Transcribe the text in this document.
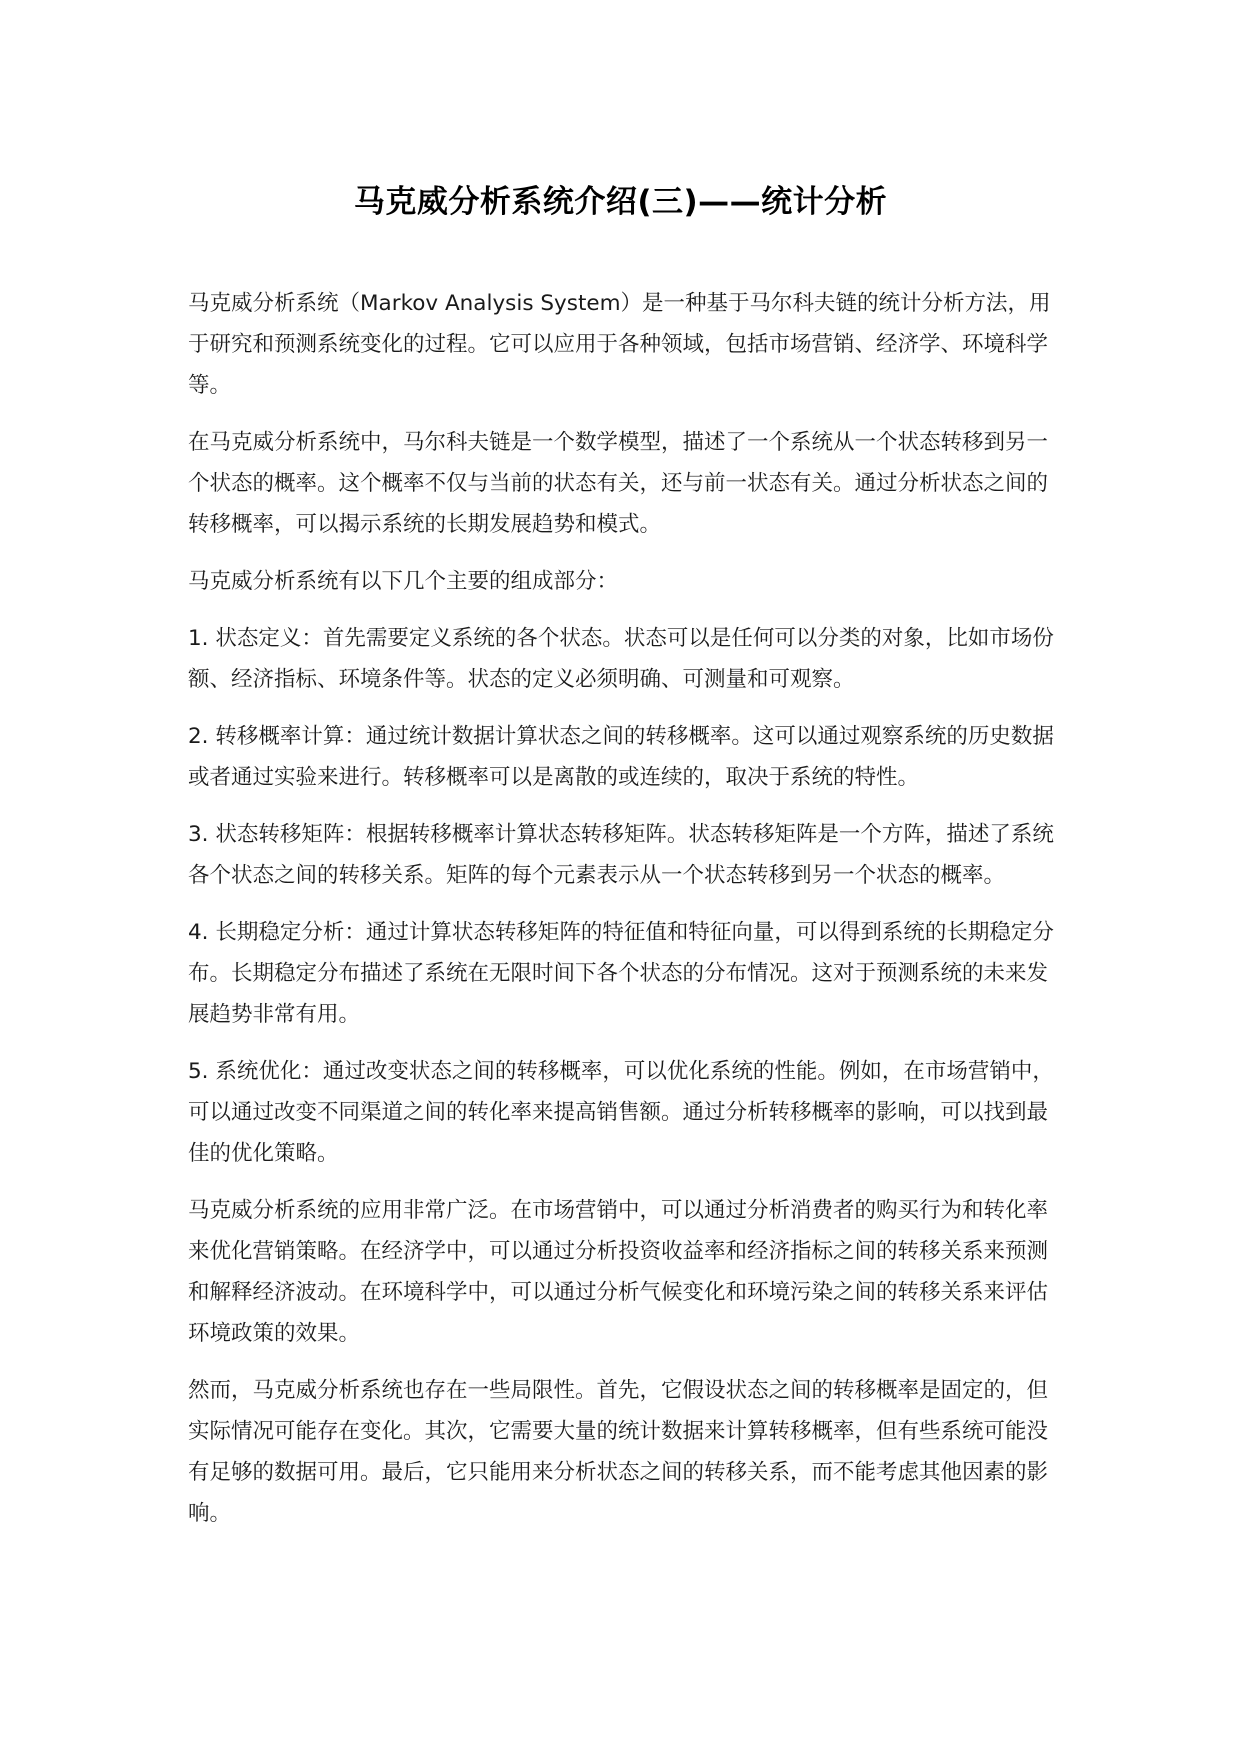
马克威分析系统介绍(三)——统计分析

马克威分析系统（Markov Analysis System）是一种基于马尔科夫链的统计分析方法，用于研究和预测系统变化的过程。它可以应用于各种领域，包括市场营销、经济学、环境科学等。

在马克威分析系统中，马尔科夫链是一个数学模型，描述了一个系统从一个状态转移到另一个状态的概率。这个概率不仅与当前的状态有关，还与前一状态有关。通过分析状态之间的转移概率，可以揭示系统的长期发展趋势和模式。

马克威分析系统有以下几个主要的组成部分：

1. 状态定义：首先需要定义系统的各个状态。状态可以是任何可以分类的对象，比如市场份额、经济指标、环境条件等。状态的定义必须明确、可测量和可观察。

2. 转移概率计算：通过统计数据计算状态之间的转移概率。这可以通过观察系统的历史数据或者通过实验来进行。转移概率可以是离散的或连续的，取决于系统的特性。

3. 状态转移矩阵：根据转移概率计算状态转移矩阵。状态转移矩阵是一个方阵，描述了系统各个状态之间的转移关系。矩阵的每个元素表示从一个状态转移到另一个状态的概率。

4. 长期稳定分析：通过计算状态转移矩阵的特征值和特征向量，可以得到系统的长期稳定分布。长期稳定分布描述了系统在无限时间下各个状态的分布情况。这对于预测系统的未来发展趋势非常有用。

5. 系统优化：通过改变状态之间的转移概率，可以优化系统的性能。例如，在市场营销中，可以通过改变不同渠道之间的转化率来提高销售额。通过分析转移概率的影响，可以找到最佳的优化策略。

马克威分析系统的应用非常广泛。在市场营销中，可以通过分析消费者的购买行为和转化率来优化营销策略。在经济学中，可以通过分析投资收益率和经济指标之间的转移关系来预测和解释经济波动。在环境科学中，可以通过分析气候变化和环境污染之间的转移关系来评估环境政策的效果。

然而，马克威分析系统也存在一些局限性。首先，它假设状态之间的转移概率是固定的，但实际情况可能存在变化。其次，它需要大量的统计数据来计算转移概率，但有些系统可能没有足够的数据可用。最后，它只能用来分析状态之间的转移关系，而不能考虑其他因素的影响。
